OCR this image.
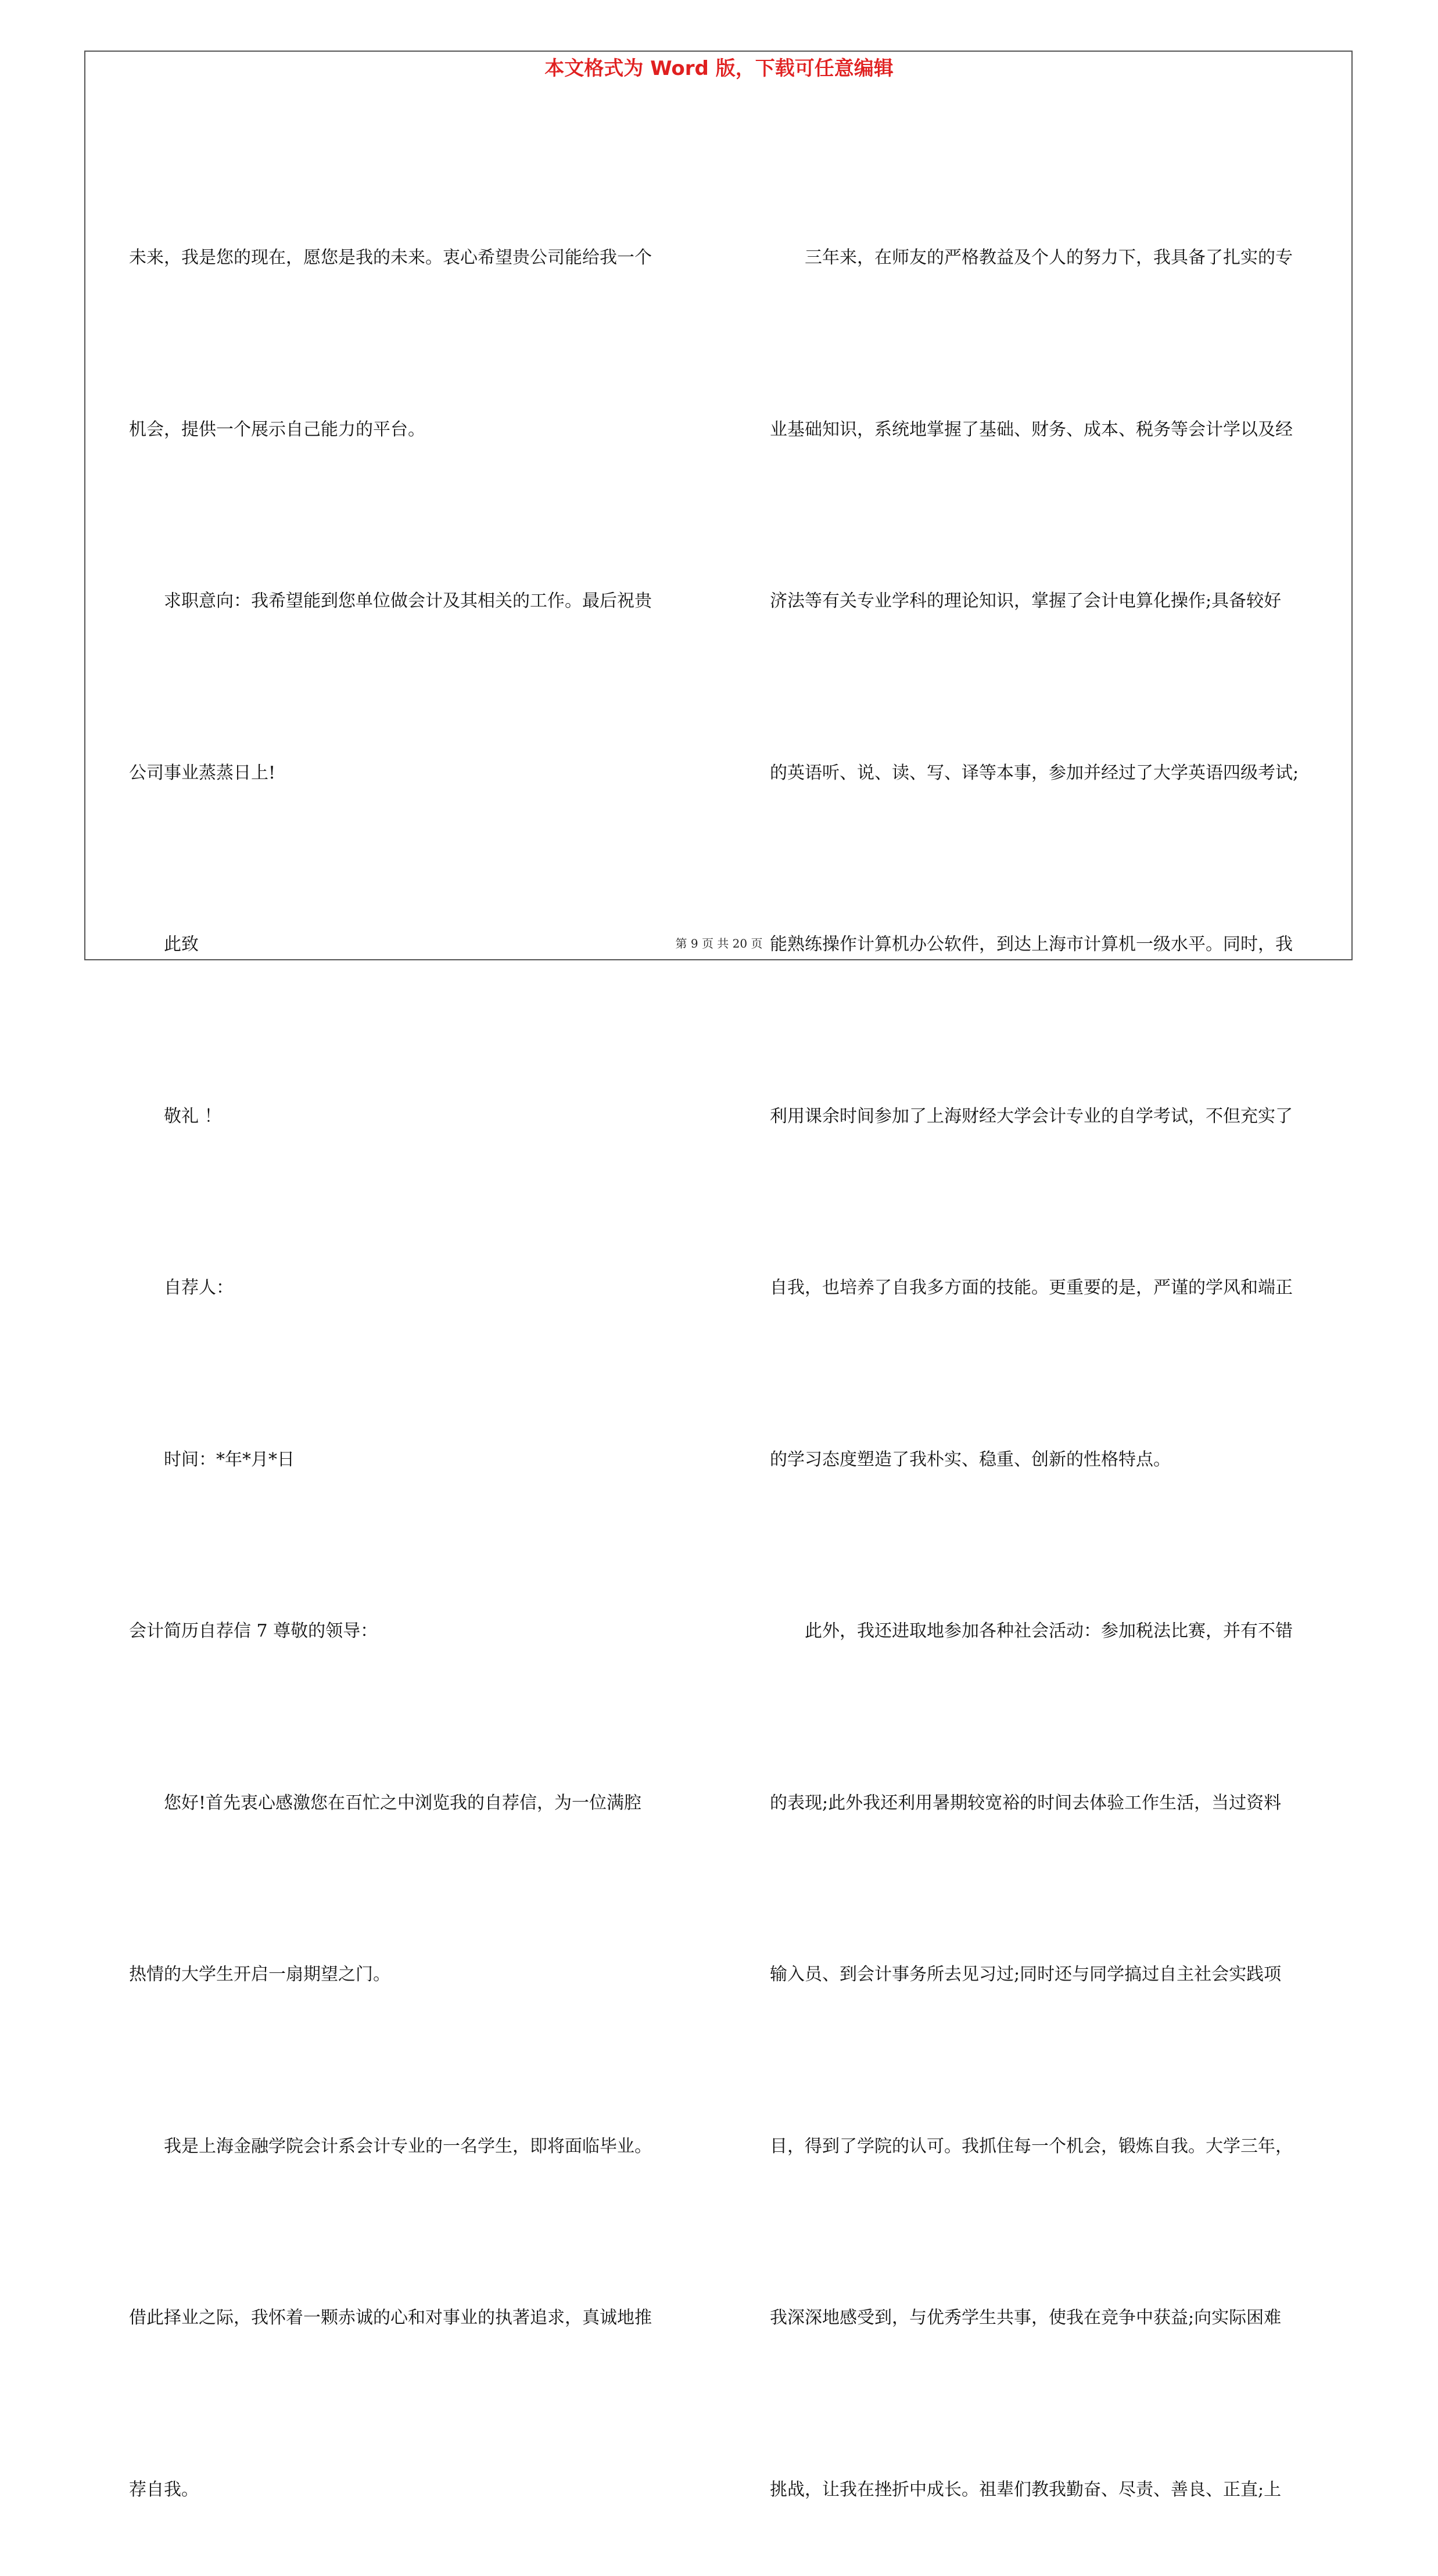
本文格式为 Word 版，下载可任意编辑

未来，我是您的现在，愿您是我的未来。衷心希望贵公司能给我一个

机会，提供一个展示自己能力的平台。

　　求职意向：我希望能到您单位做会计及其相关的工作。最后祝贵

公司事业蒸蒸日上!

　　此致

　　敬礼 ！

　　自荐人：

　　时间：*年*月*日

会计简历自荐信 7 尊敬的领导：

　　您好!首先衷心感激您在百忙之中浏览我的自荐信，为一位满腔

热情的大学生开启一扇期望之门。

　　我是上海金融学院会计系会计专业的一名学生，即将面临毕业。

借此择业之际，我怀着一颗赤诚的心和对事业的执著追求，真诚地推

荐自我。

　　三年来，在师友的严格教益及个人的努力下，我具备了扎实的专

业基础知识，系统地掌握了基础、财务、成本、税务等会计学以及经

济法等有关专业学科的理论知识，掌握了会计电算化操作;具备较好

的英语听、说、读、写、译等本事，参加并经过了大学英语四级考试;

能熟练操作计算机办公软件，到达上海市计算机一级水平。同时，我

利用课余时间参加了上海财经大学会计专业的自学考试，不但充实了

自我，也培养了自我多方面的技能。更重要的是，严谨的学风和端正

的学习态度塑造了我朴实、稳重、创新的性格特点。

　　此外，我还进取地参加各种社会活动：参加税法比赛，并有不错

的表现;此外我还利用暑期较宽裕的时间去体验工作生活，当过资料

输入员、到会计事务所去见习过;同时还与同学搞过自主社会实践项

目，得到了学院的认可。我抓住每一个机会，锻炼自我。大学三年，

我深深地感受到，与优秀学生共事，使我在竞争中获益;向实际困难

挑战，让我在挫折中成长。祖辈们教我勤奋、尽责、善良、正直;上

第 9 页 共 20 页
